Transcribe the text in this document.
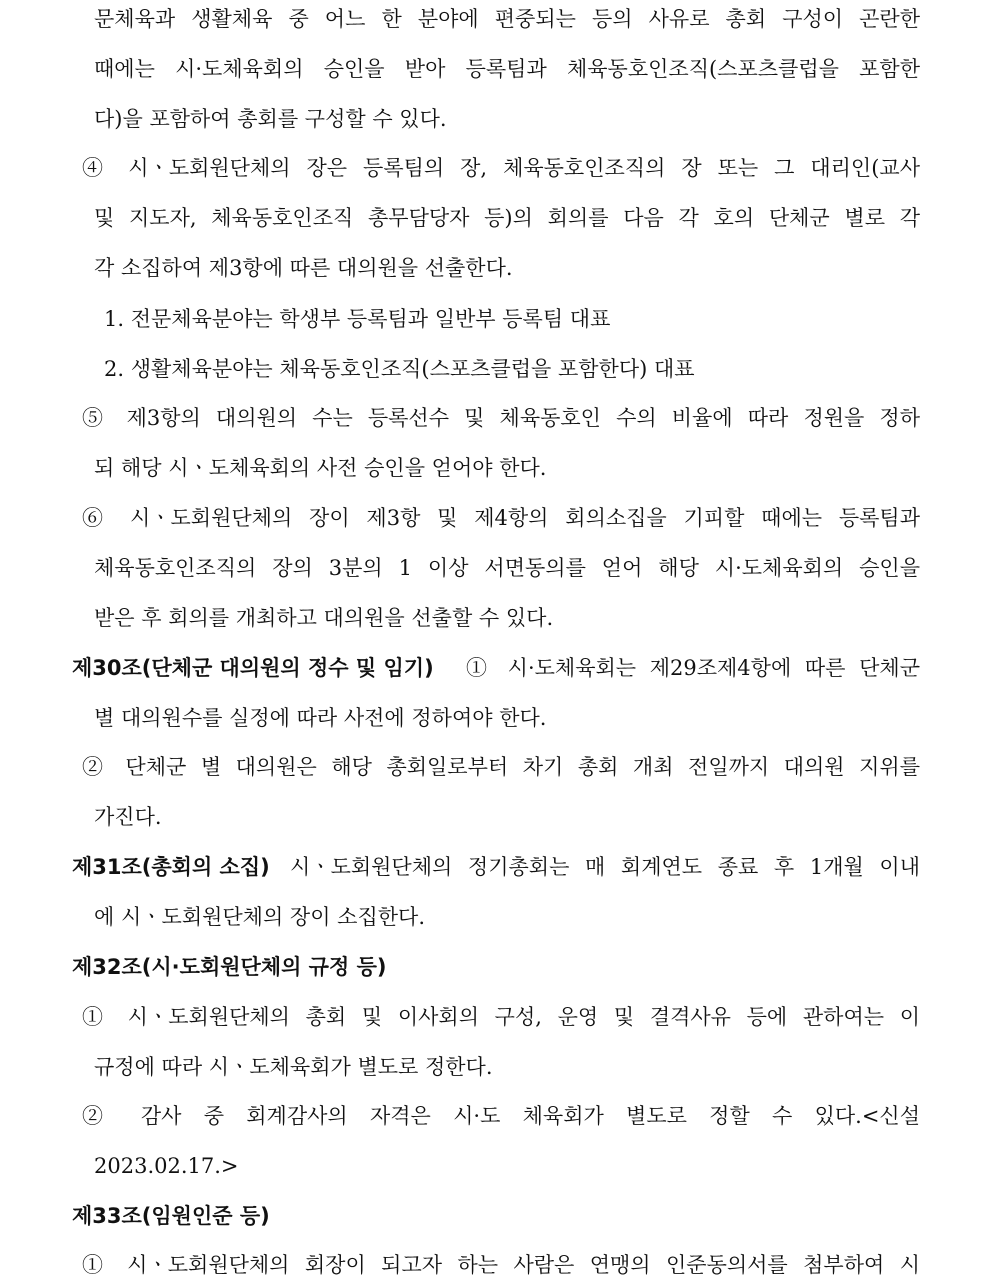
문체육과 생활체육 중 어느 한 분야에 편중되는 등의 사유로 총회 구성이 곤란한
때에는 시·도체육회의 승인을 받아 등록팀과 체육동호인조직(스포츠클럽을 포함한
다)을 포함하여 총회를 구성할 수 있다.
④ 시ㆍ도회원단체의 장은 등록팀의 장, 체육동호인조직의 장 또는 그 대리인(교사
및 지도자, 체육동호인조직 총무담당자 등)의 회의를 다음 각 호의 단체군 별로 각
각 소집하여 제3항에 따른 대의원을 선출한다.
1. 전문체육분야는 학생부 등록팀과 일반부 등록팀 대표
2. 생활체육분야는 체육동호인조직(스포츠클럽을 포함한다) 대표
⑤ 제3항의 대의원의 수는 등록선수 및 체육동호인 수의 비율에 따라 정원을 정하
되 해당 시ㆍ도체육회의 사전 승인을 얻어야 한다.
⑥ 시ㆍ도회원단체의 장이 제3항 및 제4항의 회의소집을 기피할 때에는 등록팀과
체육동호인조직의 장의 3분의 1 이상 서면동의를 얻어 해당 시·도체육회의 승인을
받은 후 회의를 개최하고 대의원을 선출할 수 있다.
제30조(단체군 대의원의 정수 및 임기) ① 시·도체육회는 제29조제4항에 따른 단체군
별 대의원수를 실정에 따라 사전에 정하여야 한다.
② 단체군 별 대의원은 해당 총회일로부터 차기 총회 개최 전일까지 대의원 지위를
가진다.
제31조(총회의 소집) 시ㆍ도회원단체의 정기총회는 매 회계연도 종료 후 1개월 이내
에 시ㆍ도회원단체의 장이 소집한다.
제32조(시·도회원단체의 규정 등)
① 시ㆍ도회원단체의 총회 및 이사회의 구성, 운영 및 결격사유 등에 관하여는 이
규정에 따라 시ㆍ도체육회가 별도로 정한다.
② 감사 중 회계감사의 자격은 시·도 체육회가 별도로 정할 수 있다.<신설
2023.02.17.>
제33조(임원인준 등)
① 시ㆍ도회원단체의 회장이 되고자 하는 사람은 연맹의 인준동의서를 첨부하여 시
